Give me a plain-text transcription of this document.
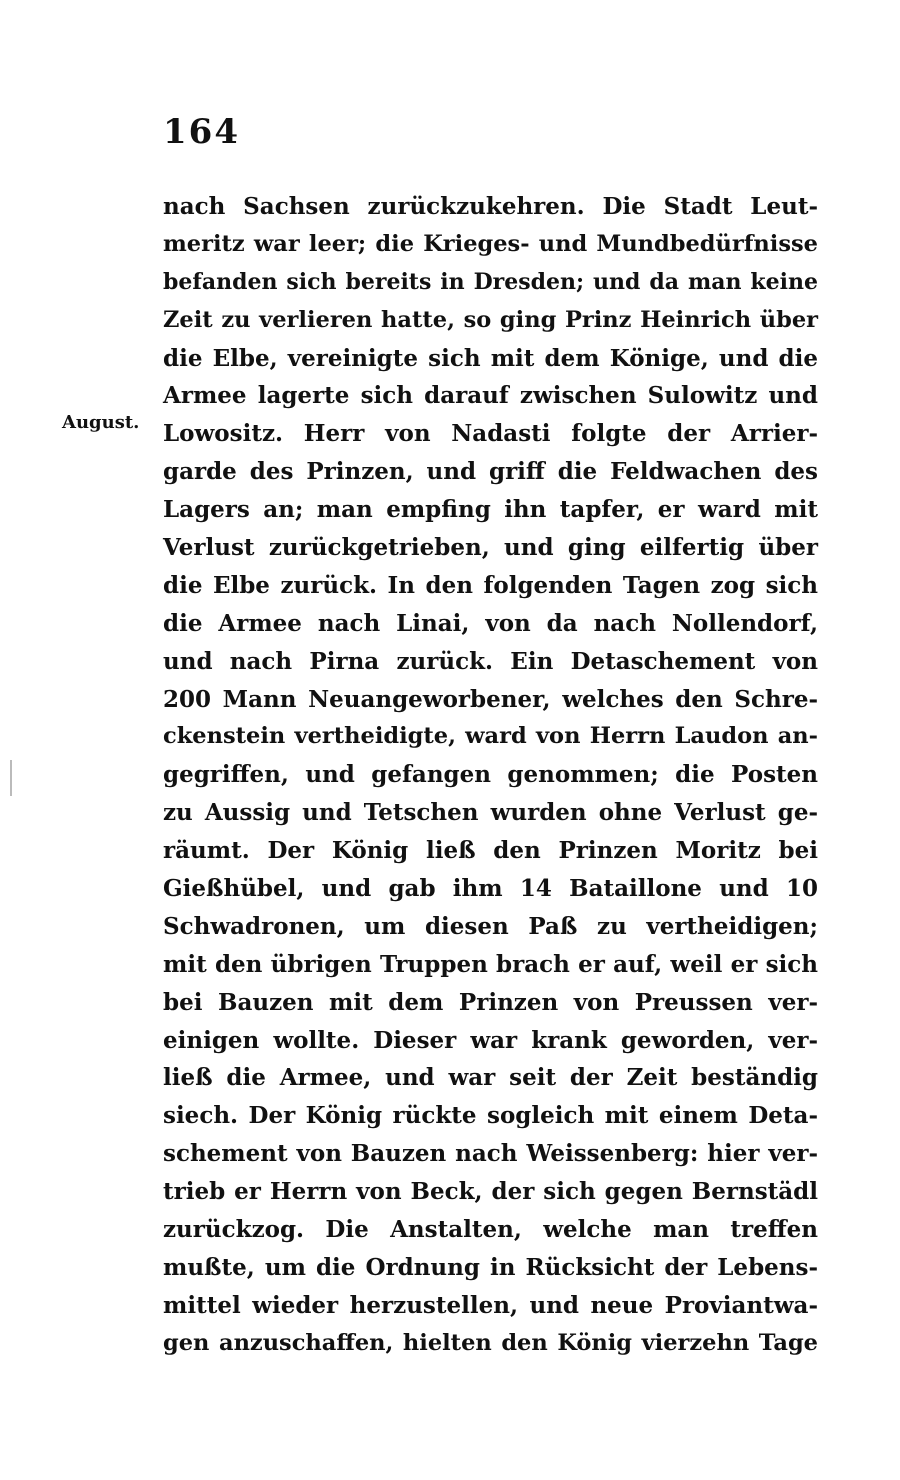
164
August.
nach Sachsen zurückzukehren. Die Stadt Leut-
meritz war leer; die Krieges- und Mundbedürfnisse
befanden sich bereits in Dresden; und da man keine
Zeit zu verlieren hatte, so ging Prinz Heinrich über
die Elbe, vereinigte sich mit dem Könige, und die
Armee lagerte sich darauf zwischen Sulowitz und
Lowositz. Herr von Nadasti folgte der Arrier-
garde des Prinzen, und griff die Feldwachen des
Lagers an; man empfing ihn tapfer, er ward mit
Verlust zurückgetrieben, und ging eilfertig über
die Elbe zurück. In den folgenden Tagen zog sich
die Armee nach Linai, von da nach Nollendorf,
und nach Pirna zurück. Ein Detaschement von
200 Mann Neuangeworbener, welches den Schre-
ckenstein vertheidigte, ward von Herrn Laudon an-
gegriffen, und gefangen genommen; die Posten
zu Aussig und Tetschen wurden ohne Verlust ge-
räumt. Der König ließ den Prinzen Moritz bei
Gießhübel, und gab ihm 14 Bataillone und 10
Schwadronen, um diesen Paß zu vertheidigen;
mit den übrigen Truppen brach er auf, weil er sich
bei Bauzen mit dem Prinzen von Preussen ver-
einigen wollte. Dieser war krank geworden, ver-
ließ die Armee, und war seit der Zeit beständig
siech. Der König rückte sogleich mit einem Deta-
schement von Bauzen nach Weissenberg: hier ver-
trieb er Herrn von Beck, der sich gegen Bernstädl
zurückzog. Die Anstalten, welche man treffen
mußte, um die Ordnung in Rücksicht der Lebens-
mittel wieder herzustellen, und neue Proviantwa-
gen anzuschaffen, hielten den König vierzehn Tage
